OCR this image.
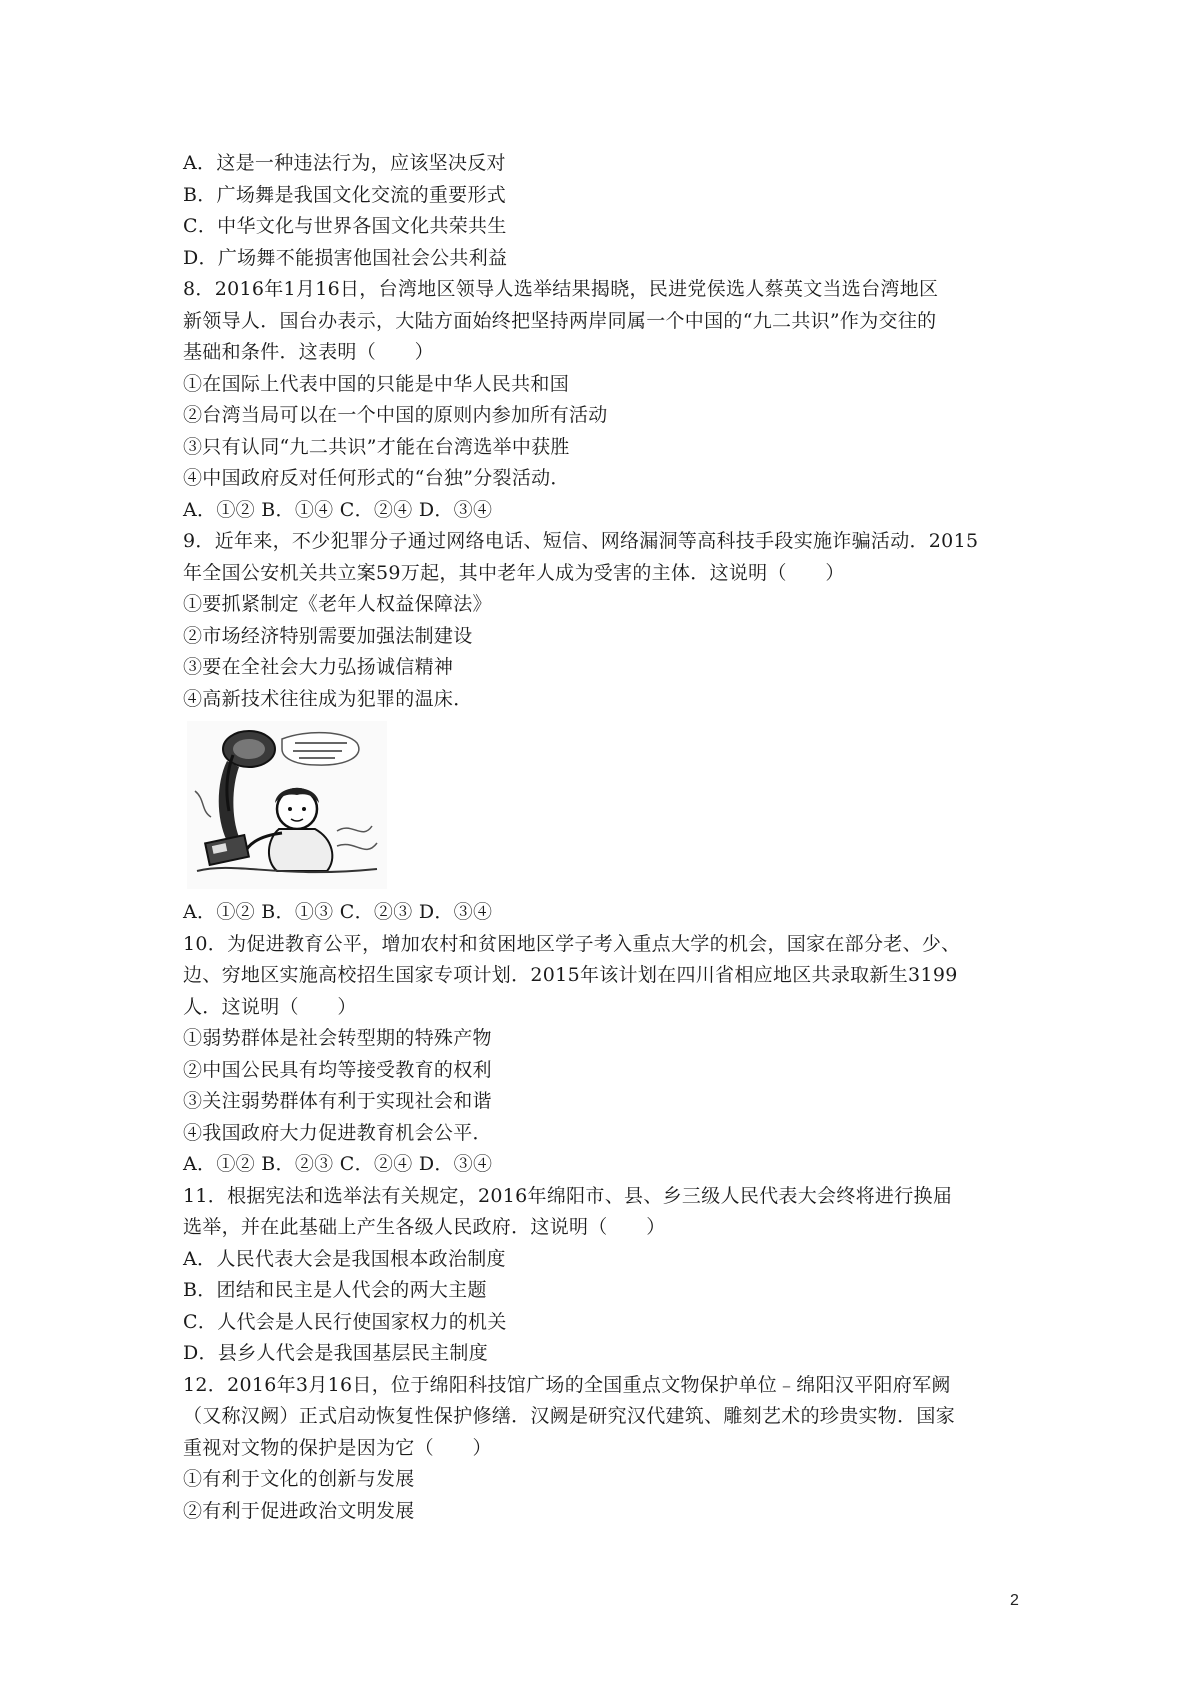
A．这是一种违法行为，应该坚决反对
B．广场舞是我国文化交流的重要形式
C．中华文化与世界各国文化共荣共生
D．广场舞不能损害他国社会公共利益
8．2016年1月16日，台湾地区领导人选举结果揭晓，民进党侯选人蔡英文当选台湾地区
新领导人．国台办表示，大陆方面始终把坚持两岸同属一个中国的“九二共识”作为交往的
基础和条件．这表明（　　）
①在国际上代表中国的只能是中华人民共和国
②台湾当局可以在一个中国的原则内参加所有活动
③只有认同“九二共识”才能在台湾选举中获胜
④中国政府反对任何形式的“台独”分裂活动．
A．①② B．①④ C．②④ D．③④
9．近年来，不少犯罪分子通过网络电话、短信、网络漏洞等高科技手段实施诈骗活动．2015
年全国公安机关共立案59万起，其中老年人成为受害的主体．这说明（　　）
①要抓紧制定《老年人权益保障法》
②市场经济特别需要加强法制建设
③要在全社会大力弘扬诚信精神
④高新技术往往成为犯罪的温床．
A．①② B．①③ C．②③ D．③④
10．为促进教育公平，增加农村和贫困地区学子考入重点大学的机会，国家在部分老、少、
边、穷地区实施高校招生国家专项计划．2015年该计划在四川省相应地区共录取新生3199
人．这说明（　　）
①弱势群体是社会转型期的特殊产物
②中国公民具有均等接受教育的权利
③关注弱势群体有利于实现社会和谐
④我国政府大力促进教育机会公平．
A．①② B．②③ C．②④ D．③④
11．根据宪法和选举法有关规定，2016年绵阳市、县、乡三级人民代表大会终将进行换届
选举，并在此基础上产生各级人民政府．这说明（　　）
A．人民代表大会是我国根本政治制度
B．团结和民主是人代会的两大主题
C．人代会是人民行使国家权力的机关
D．县乡人代会是我国基层民主制度
12．2016年3月16日，位于绵阳科技馆广场的全国重点文物保护单位﹣绵阳汉平阳府军阙
（又称汉阙）正式启动恢复性保护修缮．汉阙是研究汉代建筑、雕刻艺术的珍贵实物．国家
重视对文物的保护是因为它（　　）
①有利于文化的创新与发展
②有利于促进政治文明发展
2
